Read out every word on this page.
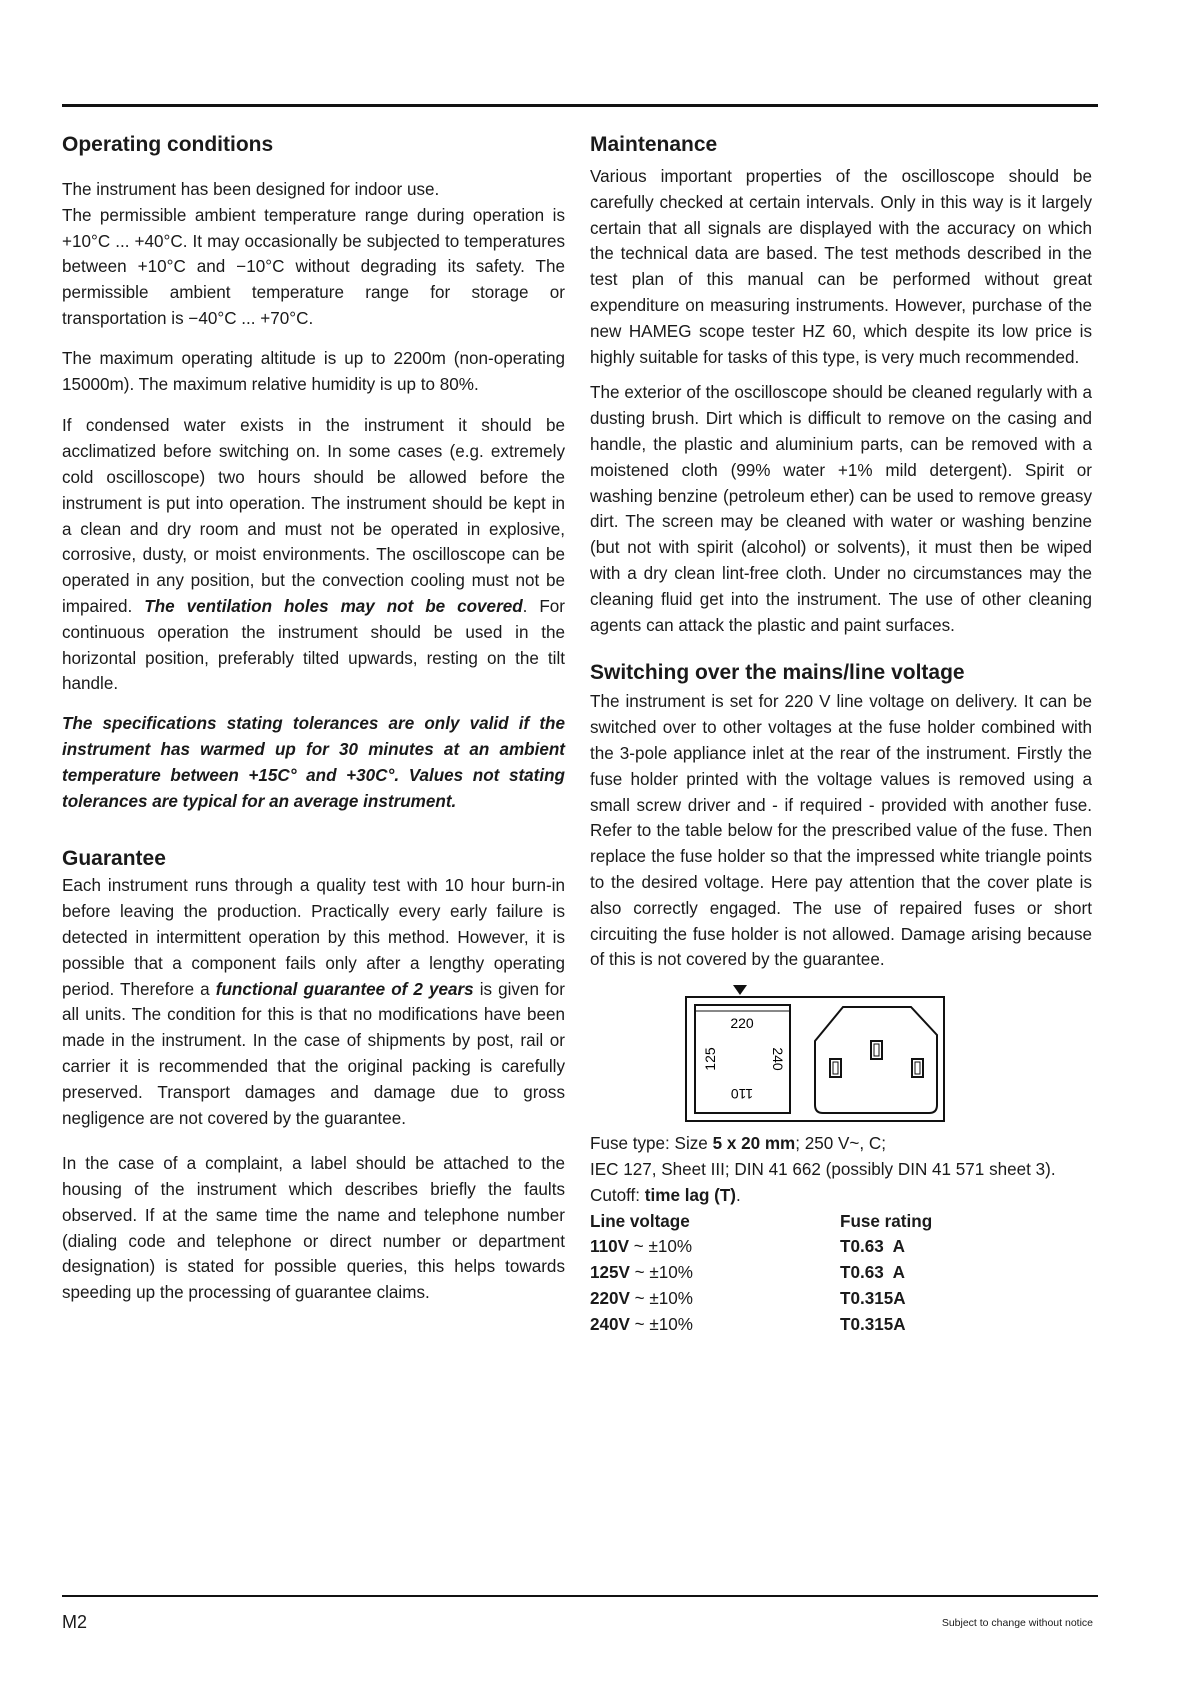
Operating conditions

The instrument has been designed for indoor use.

The permissible ambient temperature range during operation is +10°C ... +40°C. It may occasionally be subjected to temperatures between +10°C and −10°C without degrading its safety. The permissible ambient temperature range for storage or transportation is −40°C ... +70°C.

The maximum operating altitude is up to 2200m (non-operating 15000m). The maximum relative humidity is up to 80%.

If condensed water exists in the instrument it should be acclimatized before switching on. In some cases (e.g. extremely cold oscilloscope) two hours should be allowed before the instrument is put into operation. The instrument should be kept in a clean and dry room and must not be operated in explosive, corrosive, dusty, or moist environments. The oscilloscope can be operated in any position, but the convection cooling must not be impaired. The ventilation holes may not be covered. For continuous operation the instrument should be used in the horizontal position, preferably tilted upwards, resting on the tilt handle.

The specifications stating tolerances are only valid if the instrument has warmed up for 30 minutes at an ambient temperature between +15C° and +30C°. Values not stating tolerances are typical for an average instrument.

Guarantee

Each instrument runs through a quality test with 10 hour burn-in before leaving the production. Practically every early failure is detected in intermittent operation by this method. However, it is possible that a component fails only after a lengthy operating period. Therefore a functional guarantee of 2 years is given for all units. The condition for this is that no modifications have been made in the instrument. In the case of shipments by post, rail or carrier it is recommended that the original packing is carefully preserved. Transport damages and damage due to gross negligence are not covered by the guarantee.

In the case of a complaint, a label should be attached to the housing of the instrument which describes briefly the faults observed. If at the same time the name and telephone number (dialing code and telephone or direct number or department designation) is stated for possible queries, this helps towards speeding up the processing of guarantee claims.

Maintenance

Various important properties of the oscilloscope should be carefully checked at certain intervals. Only in this way is it largely certain that all signals are displayed with the accuracy on which the technical data are based. The test methods described in the test plan of this manual can be performed without great expenditure on measuring instruments. However, purchase of the new HAMEG scope tester HZ 60, which despite its low price is highly suitable for tasks of this type, is very much recommended.

The exterior of the oscilloscope should be cleaned regularly with a dusting brush. Dirt which is difficult to remove on the casing and handle, the plastic and aluminium parts, can be removed with a moistened cloth (99% water +1% mild detergent). Spirit or washing benzine (petroleum ether) can be used to remove greasy dirt. The screen may be cleaned with water or washing benzine (but not with spirit (alcohol) or solvents), it must then be wiped with a dry clean lint-free cloth. Under no circumstances may the cleaning fluid get into the instrument. The use of other cleaning agents can attack the plastic and paint surfaces.

Switching over the mains/line voltage

The instrument is set for 220 V line voltage on delivery. It can be switched over to other voltages at the fuse holder combined with the 3-pole appliance inlet at the rear of the instrument. Firstly the fuse holder printed with the voltage values is removed using a small screw driver and - if required - provided with another fuse. Refer to the table below for the prescribed value of the fuse. Then replace the fuse holder so that the impressed white triangle points to the desired voltage. Here pay attention that the cover plate is also correctly engaged. The use of repaired fuses or short circuiting the fuse holder is not allowed. Damage arising because of this is not covered by the guarantee.

220
125	240
110

Fuse type: Size 5 x 20 mm; 250 V~, C;

IEC 127, Sheet III; DIN 41 662 (possibly DIN 41 571 sheet 3).

Cutoff: time lag (T).

Line voltage	Fuse rating
110V ~ ±10%	T0.63  A
125V ~ ±10%	T0.63  A
220V ~ ±10%	T0.315A
240V ~ ±10%	T0.315A
M2	Subject to change without notice
